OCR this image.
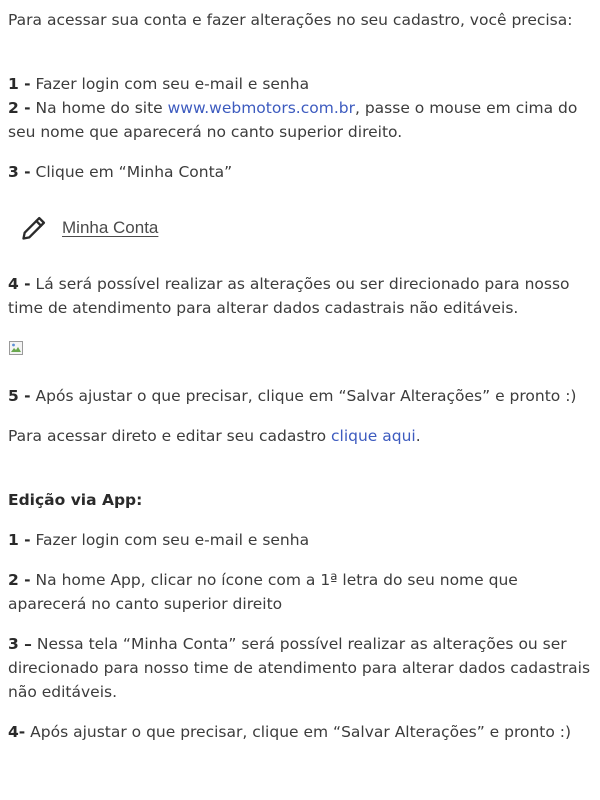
Para acessar sua conta e fazer alterações no seu cadastro, você precisa:

1 - Fazer login com seu e-mail e senha

2 - Na home do site www.webmotors.com.br, passe o mouse em cima do seu nome que aparecerá no canto superior direito.

3 - Clique em “Minha Conta”

Minha Conta

4 - Lá será possível realizar as alterações ou ser direcionado para nosso time de atendimento para alterar dados cadastrais não editáveis.

5 - Após ajustar o que precisar, clique em “Salvar Alterações” e pronto :)

Para acessar direto e editar seu cadastro clique aqui.

Edição via App:

1 - Fazer login com seu e-mail e senha

2 - Na home App, clicar no ícone com a 1ª letra do seu nome que aparecerá no canto superior direito

3 – Nessa tela “Minha Conta” será possível realizar as alterações ou ser direcionado para nosso time de atendimento para alterar dados cadastrais não editáveis.

4- Após ajustar o que precisar, clique em “Salvar Alterações” e pronto :)
